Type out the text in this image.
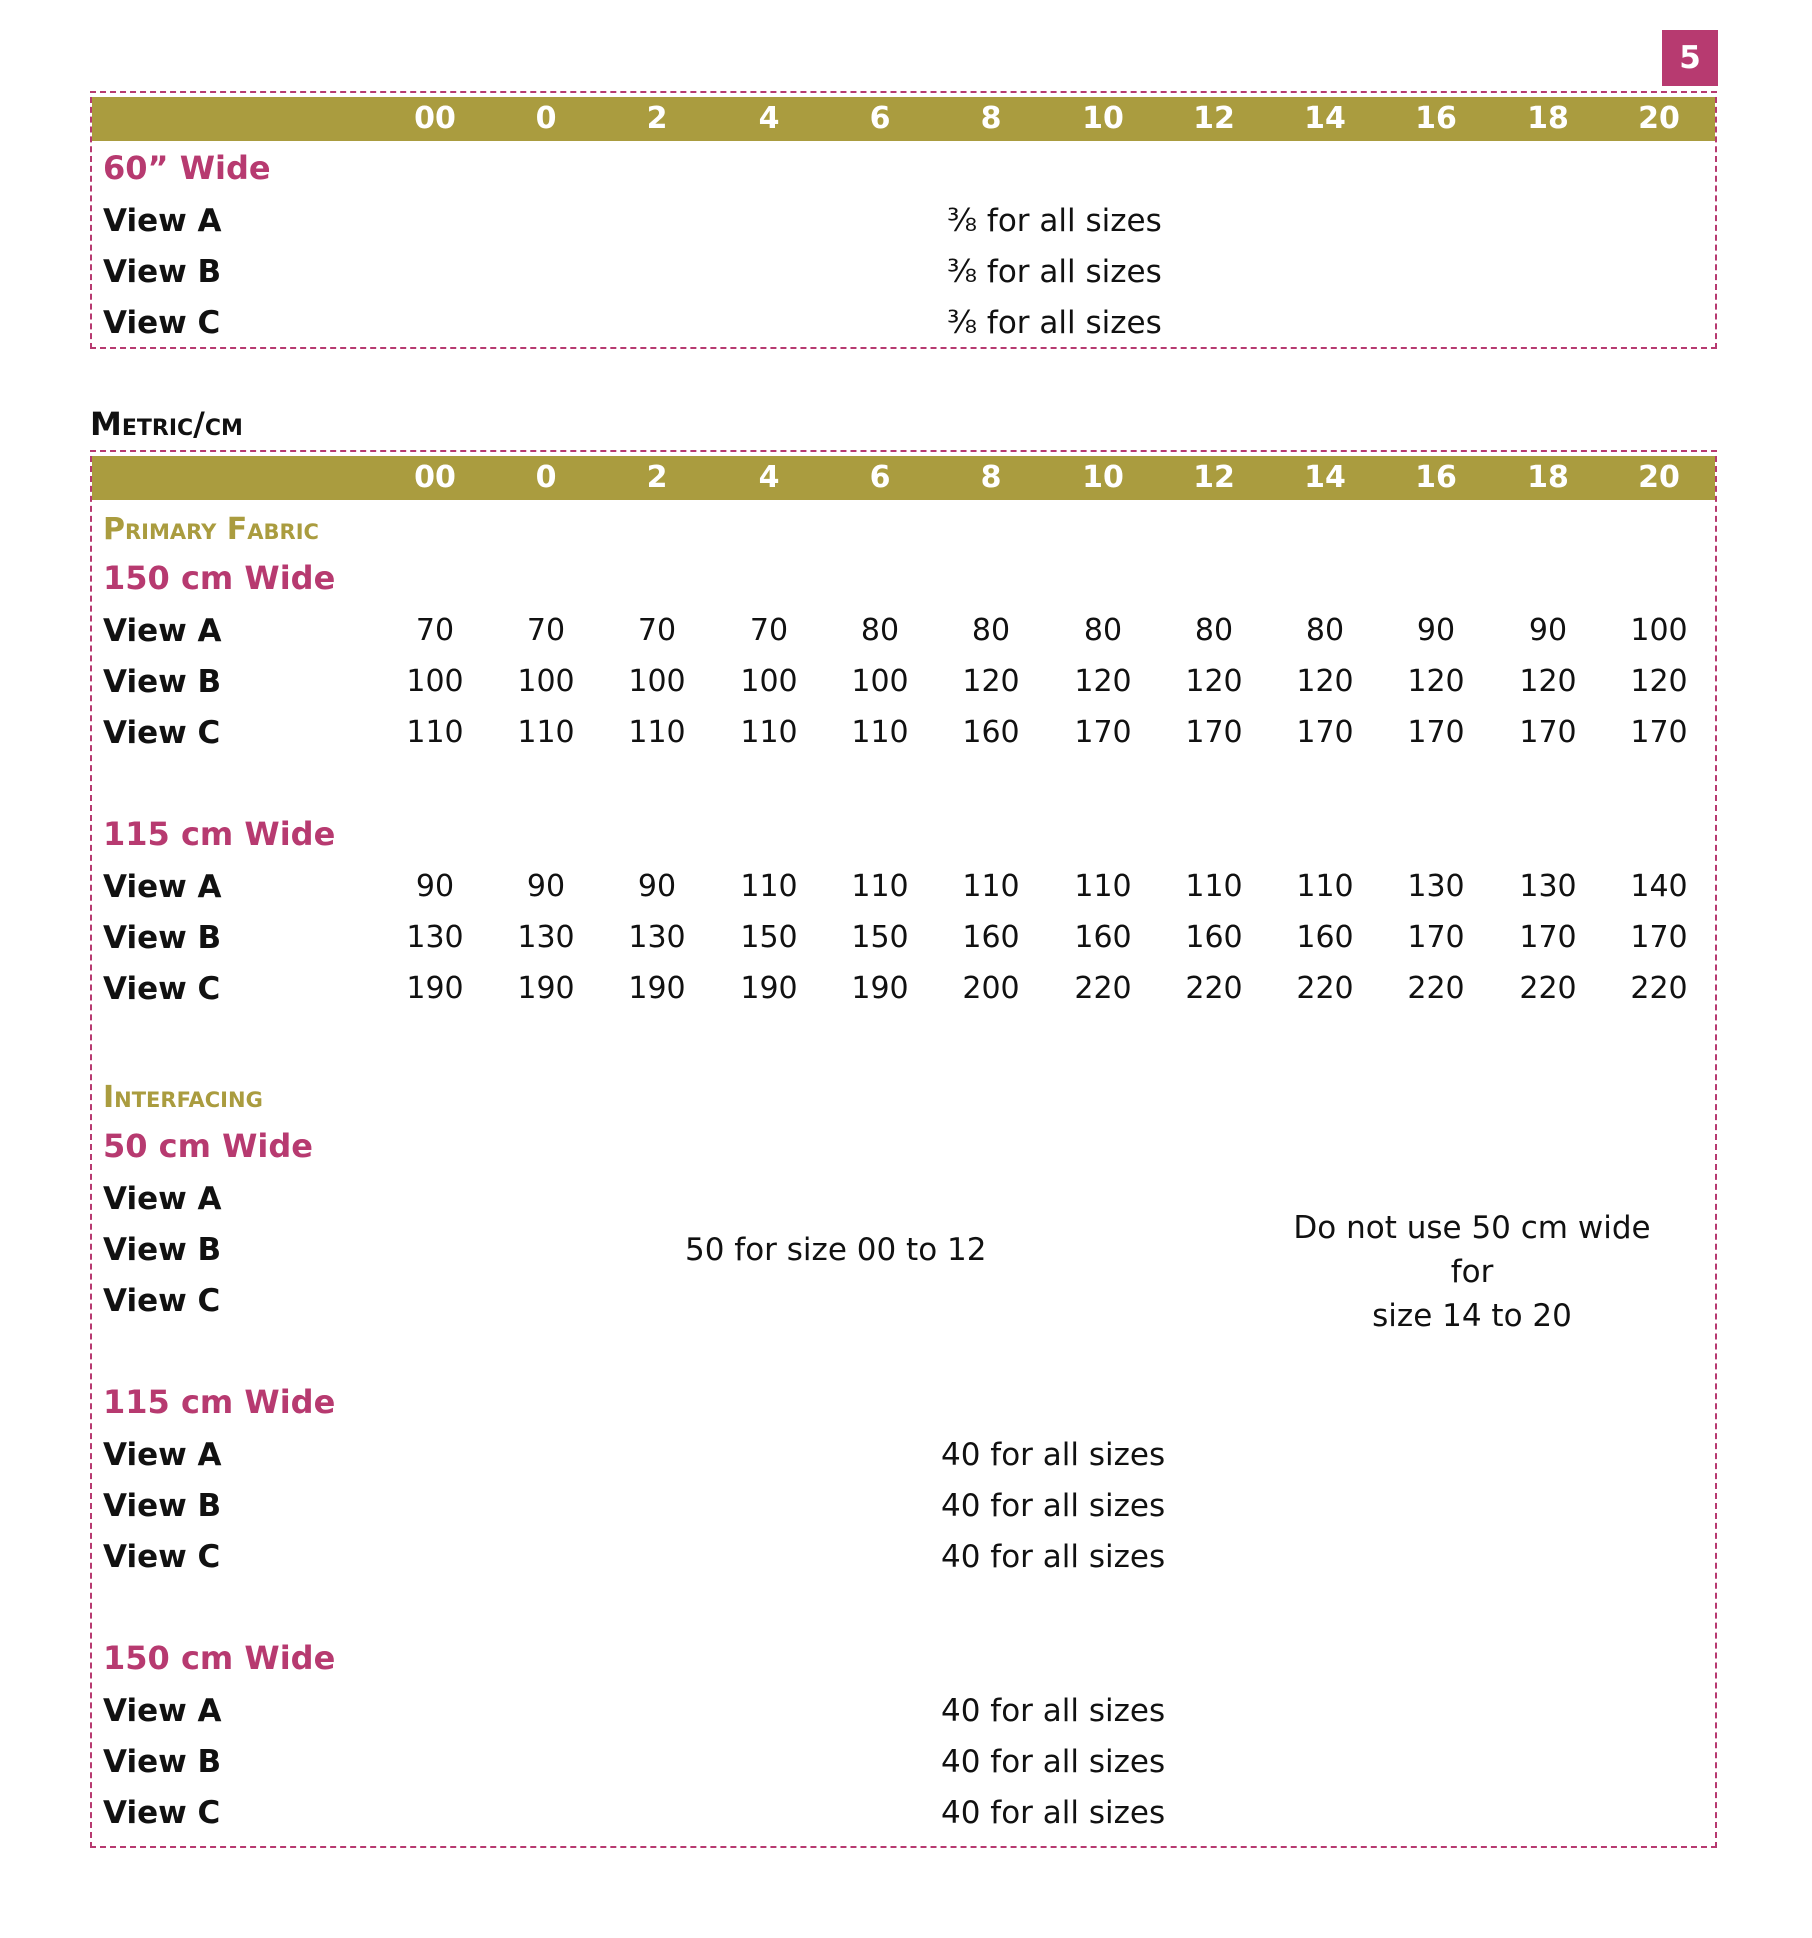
5
00	0	2	4	6	8	10	12	14	16	18	20
60” Wide
View A	⅜ for all sizes
View B	⅜ for all sizes
View C	⅜ for all sizes
Metric/cm
00	0	2	4	6	8	10	12	14	16	18	20
Primary Fabric
150 cm Wide
View A	70	70	70	70	80	80	80	80	80	90	90	100
View B	100	100	100	100	100	120	120	120	120	120	120	120
View C	110	110	110	110	110	160	170	170	170	170	170	170
115 cm Wide
View A	90	90	90	110	110	110	110	110	110	130	130	140
View B	130	130	130	150	150	160	160	160	160	170	170	170
View C	190	190	190	190	190	200	220	220	220	220	220	220
Interfacing
50 cm Wide
View A
View B	50 for size 00 to 12
View C
Do not use 50 cm wide for
size 14 to 20
115 cm Wide
View A	40 for all sizes
View B	40 for all sizes
View C	40 for all sizes
150 cm Wide
View A	40 for all sizes
View B	40 for all sizes
View C	40 for all sizes
